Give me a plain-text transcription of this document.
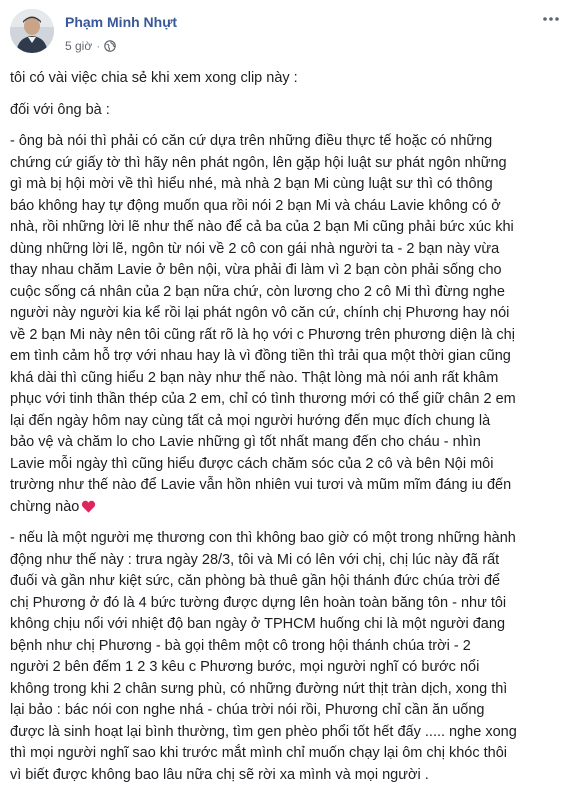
Phạm Minh Nhựt
5 giờ ·

tôi có vài việc chia sẻ khi xem xong clip này :

đối với ông bà :

- ông bà nói thì phải có căn cứ dựa trên những điều thực tế hoặc có những
chứng cứ giấy tờ thì hãy nên phát ngôn, lên gặp hội luật sư phát ngôn những
gì mà bị hội mời về thì hiểu nhé, mà nhà 2 bạn Mi cùng luật sư thì có thông
báo không hay tự động muốn qua rồi nói 2 bạn Mi và cháu Lavie không có ở
nhà, rồi những lời lẽ như thế nào để cả ba của 2 bạn Mi cũng phải bức xúc khi
dùng những lời lẽ, ngôn từ nói về 2 cô con gái nhà người ta - 2 bạn này vừa
thay nhau chăm Lavie ở bên nội, vừa phải đi làm vì 2 bạn còn phải sống cho
cuộc sống cá nhân của 2 bạn nữa chứ, còn lương cho 2 cô Mi thì đừng nghe
người này người kia kể rồi lại phát ngôn vô căn cứ, chính chị Phương hay nói
về 2 bạn Mi này nên tôi cũng rất rõ là họ với c Phương trên phương diện là chị
em tình cảm hỗ trợ với nhau hay là vì đồng tiền thì trải qua một thời gian cũng
khá dài thì cũng hiểu 2 bạn này như thế nào. Thật lòng mà nói anh rất khâm
phục với tinh thần thép của 2 em, chỉ có tình thương mới có thể giữ chân 2 em
lại đến ngày hôm nay cùng tất cả mọi người hướng đến mục đích chung là
bảo vệ và chăm lo cho Lavie những gì tốt nhất mang đến cho cháu - nhìn
Lavie mỗi ngày thì cũng hiểu được cách chăm sóc của 2 cô và bên Nội môi
trường như thế nào để Lavie vẫn hồn nhiên vui tươi và mũm mĩm đáng iu đến
chừng nào

- nếu là một người mẹ thương con thì không bao giờ có một trong những hành
động như thế này : trưa ngày 28/3, tôi và Mi có lên với chị, chị lúc này đã rất
đuối và gần như kiệt sức, căn phòng bà thuê gần hội thánh đức chúa trời để
chị Phương ở đó là 4 bức tường được dựng lên hoàn toàn băng tôn - như tôi
không chịu nổi với nhiệt độ ban ngày ở TPHCM huống chi là một người đang
bệnh như chị Phương - bà gọi thêm một cô trong hội thánh chúa trời - 2
người 2 bên đếm 1 2 3 kêu c Phương bước, mọi người nghĩ có bước nổi
không trong khi 2 chân sưng phù, có những đường nứt thịt tràn dịch, xong thì
lại bảo : bác nói con nghe nhá - chúa trời nói rồi, Phương chỉ cần ăn uống
được là sinh hoạt lại bình thường, tìm gen phèo phổi tốt hết đấy ..... nghe xong
thì mọi người nghĩ sao khi trước mắt mình chỉ muốn chạy lại ôm chị khóc thôi
vì biết được không bao lâu nữa chị sẽ rời xa mình và mọi người .
